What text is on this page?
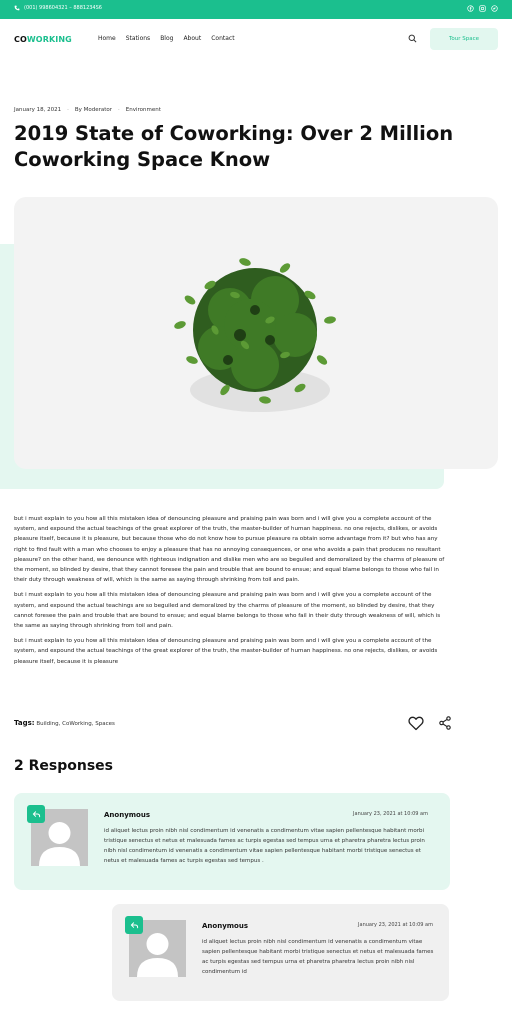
(001) 998604321 – 8881234S6
COWORKING	Home Stations Blog About Contact	Tour Space
January 18, 2021 · By Moderator · Environment
2019 State of Coworking: Over 2 Million Coworking Space Know

but i must explain to you how all this mistaken idea of denouncing pleasure and praising pain was born and i will give you a complete account of the system, and expound the actual teachings of the great explorer of the truth, the master-builder of human happiness. no one rejects, dislikes, or avoids pleasure itself, because it is pleasure, but because those who do not know how to pursue pleasure ra obtain some advantage from it? but who has any right to find fault with a man who chooses to enjoy a pleasure that has no annoying consequences, or one who avoids a pain that produces no resultant pleasure? on the other hand, we denounce with righteous indignation and dislike men who are so beguiled and demoralized by the charms of pleasure of the moment, so blinded by desire, that they cannot foresee the pain and trouble that are bound to ensue; and equal blame belongs to those who fail in their duty through weakness of will, which is the same as saying through shrinking from toil and pain.

but i must explain to you how all this mistaken idea of denouncing pleasure and praising pain was born and i will give you a complete account of the system, and expound the actual teachings are so beguiled and demoralized by the charms of pleasure of the moment, so blinded by desire, that they cannot foresee the pain and trouble that are bound to ensue; and equal blame belongs to those who fail in their duty through weakness of will, which is the same as saying through shrinking from toil and pain.

but i must explain to you how all this mistaken idea of denouncing pleasure and praising pain was born and i will give you a complete account of the system, and expound the actual teachings of the great explorer of the truth, the master-builder of human happiness. no one rejects, dislikes, or avoids pleasure itself, because it is pleasure

Tags: Building, CoWorking, Spaces
2 Responses
Anonymous	January 23, 2021 at 10:09 am
id aliquet lectus proin nibh nisl condimentum id venenatis a condimentum vitae sapien pellentesque habitant morbi tristique senectus et netus et malesuada fames ac turpis egestas sed tempus urna et pharetra pharetra lectus proin nibh nisl condimentum id venenatis a condimentum vitae sapien pellentesque habitant morbi tristique senectus et netus et malesuada fames ac turpis egestas sed tempus .
Anonymous	January 23, 2021 at 10:09 am
id aliquet lectus proin nibh nisl condimentum id venenatis a condimentum vitae sapien pellentesque habitant morbi tristique senectus et netus et malesuada fames ac turpis egestas sed tempus urna et pharetra pharetra lectus proin nibh nisl condimentum id
